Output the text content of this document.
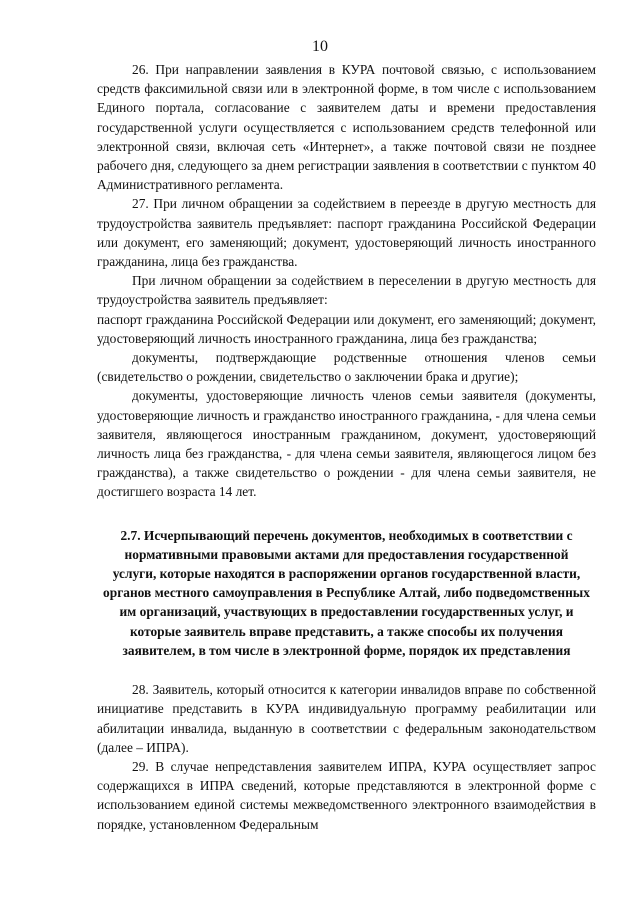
10

26. При направлении заявления в КУРА почтовой связью, с использованием средств факсимильной связи или в электронной форме, в том числе с использованием Единого портала, согласование с заявителем даты и времени предоставления государственной услуги осуществляется с использованием средств телефонной или электронной связи, включая сеть «Интернет», а также почтовой связи не позднее рабочего дня, следующего за днем регистрации заявления в соответствии с пунктом 40 Административного регламента.

27. При личном обращении за содействием в переезде в другую местность для трудоустройства заявитель предъявляет: паспорт гражданина Российской Федерации или документ, его заменяющий; документ, удостоверяющий личность иностранного гражданина, лица без гражданства.

При личном обращении за содействием в переселении в другую местность для трудоустройства заявитель предъявляет:

паспорт гражданина Российской Федерации или документ, его заменяющий; документ, удостоверяющий личность иностранного гражданина, лица без гражданства;

документы, подтверждающие родственные отношения членов семьи (свидетельство о рождении, свидетельство о заключении брака и другие);

документы, удостоверяющие личность членов семьи заявителя (документы, удостоверяющие личность и гражданство иностранного гражданина, - для члена семьи заявителя, являющегося иностранным гражданином, документ, удостоверяющий личность лица без гражданства, - для члена семьи заявителя, являющегося лицом без гражданства), а также свидетельство о рождении - для члена семьи заявителя, не достигшего возраста 14 лет.

2.7. Исчерпывающий перечень документов, необходимых в соответствии с нормативными правовыми актами для предоставления государственной услуги, которые находятся в распоряжении органов государственной власти, органов местного самоуправления в Республике Алтай, либо подведомственных им организаций, участвующих в предоставлении государственных услуг, и которые заявитель вправе представить, а также способы их получения заявителем, в том числе в электронной форме, порядок их представления

28. Заявитель, который относится к категории инвалидов вправе по собственной инициативе представить в КУРА индивидуальную программу реабилитации или абилитации инвалида, выданную в соответствии с федеральным законодательством (далее – ИПРА).

29. В случае непредставления заявителем ИПРА, КУРА осуществляет запрос содержащихся в ИПРА сведений, которые представляются в электронной форме с использованием единой системы межведомственного электронного взаимодействия в порядке, установленном Федеральным
